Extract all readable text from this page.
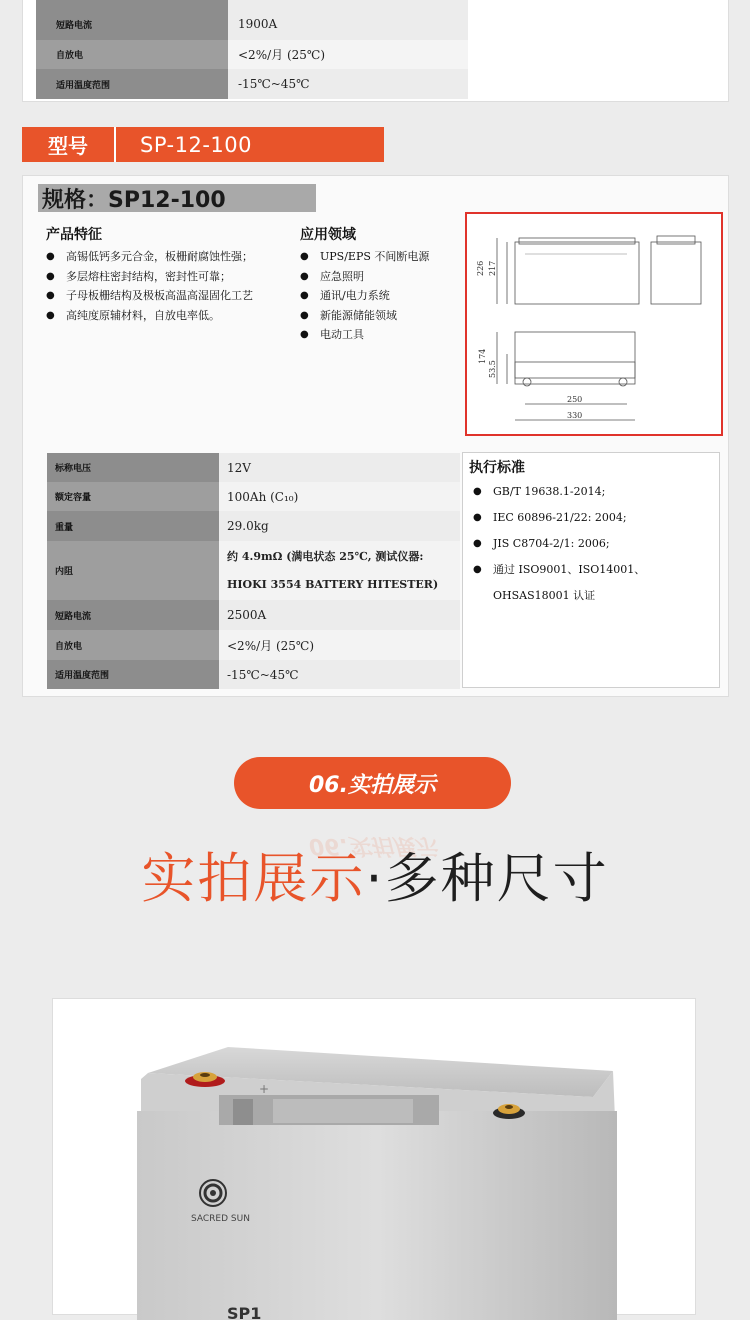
短路电流	1900A
自放电	<2%/月 (25℃)
适用温度范围	-15℃~45℃
型号	SP-12-100
规格：SP12-100
产品特征
●	高锡低钙多元合金，板栅耐腐蚀性强；
●	多层熔柱密封结构，密封性可靠；
●	子母板栅结构及极板高温高湿固化工艺
●	高纯度原辅材料，自放电率低。
应用领域
●	UPS/EPS 不间断电源
●	应急照明
●	通讯/电力系统
●	新能源储能领域
●	电动工具
226 217
174
53.5
250
330
标称电压	12V
额定容量	100Ah (C₁₀)
重量	29.0kg
内阻
约 4.9mΩ (满电状态 25℃, 测试仪器:
HIOKI 3554 BATTERY HITESTER)
短路电流	2500A
自放电	<2%/月 (25℃)
适用温度范围	-15℃~45℃
执行标准
●	GB/T 19638.1-2014;
●	IEC 60896-21/22: 2004;
●	JIS C8704-2/1: 2006;
●	通过 ISO9001、ISO14001、OHSAS18001 认证
06.实拍展示
06.实拍展示
实拍展示·多种尺寸
+
SACRED SUN
SP1
